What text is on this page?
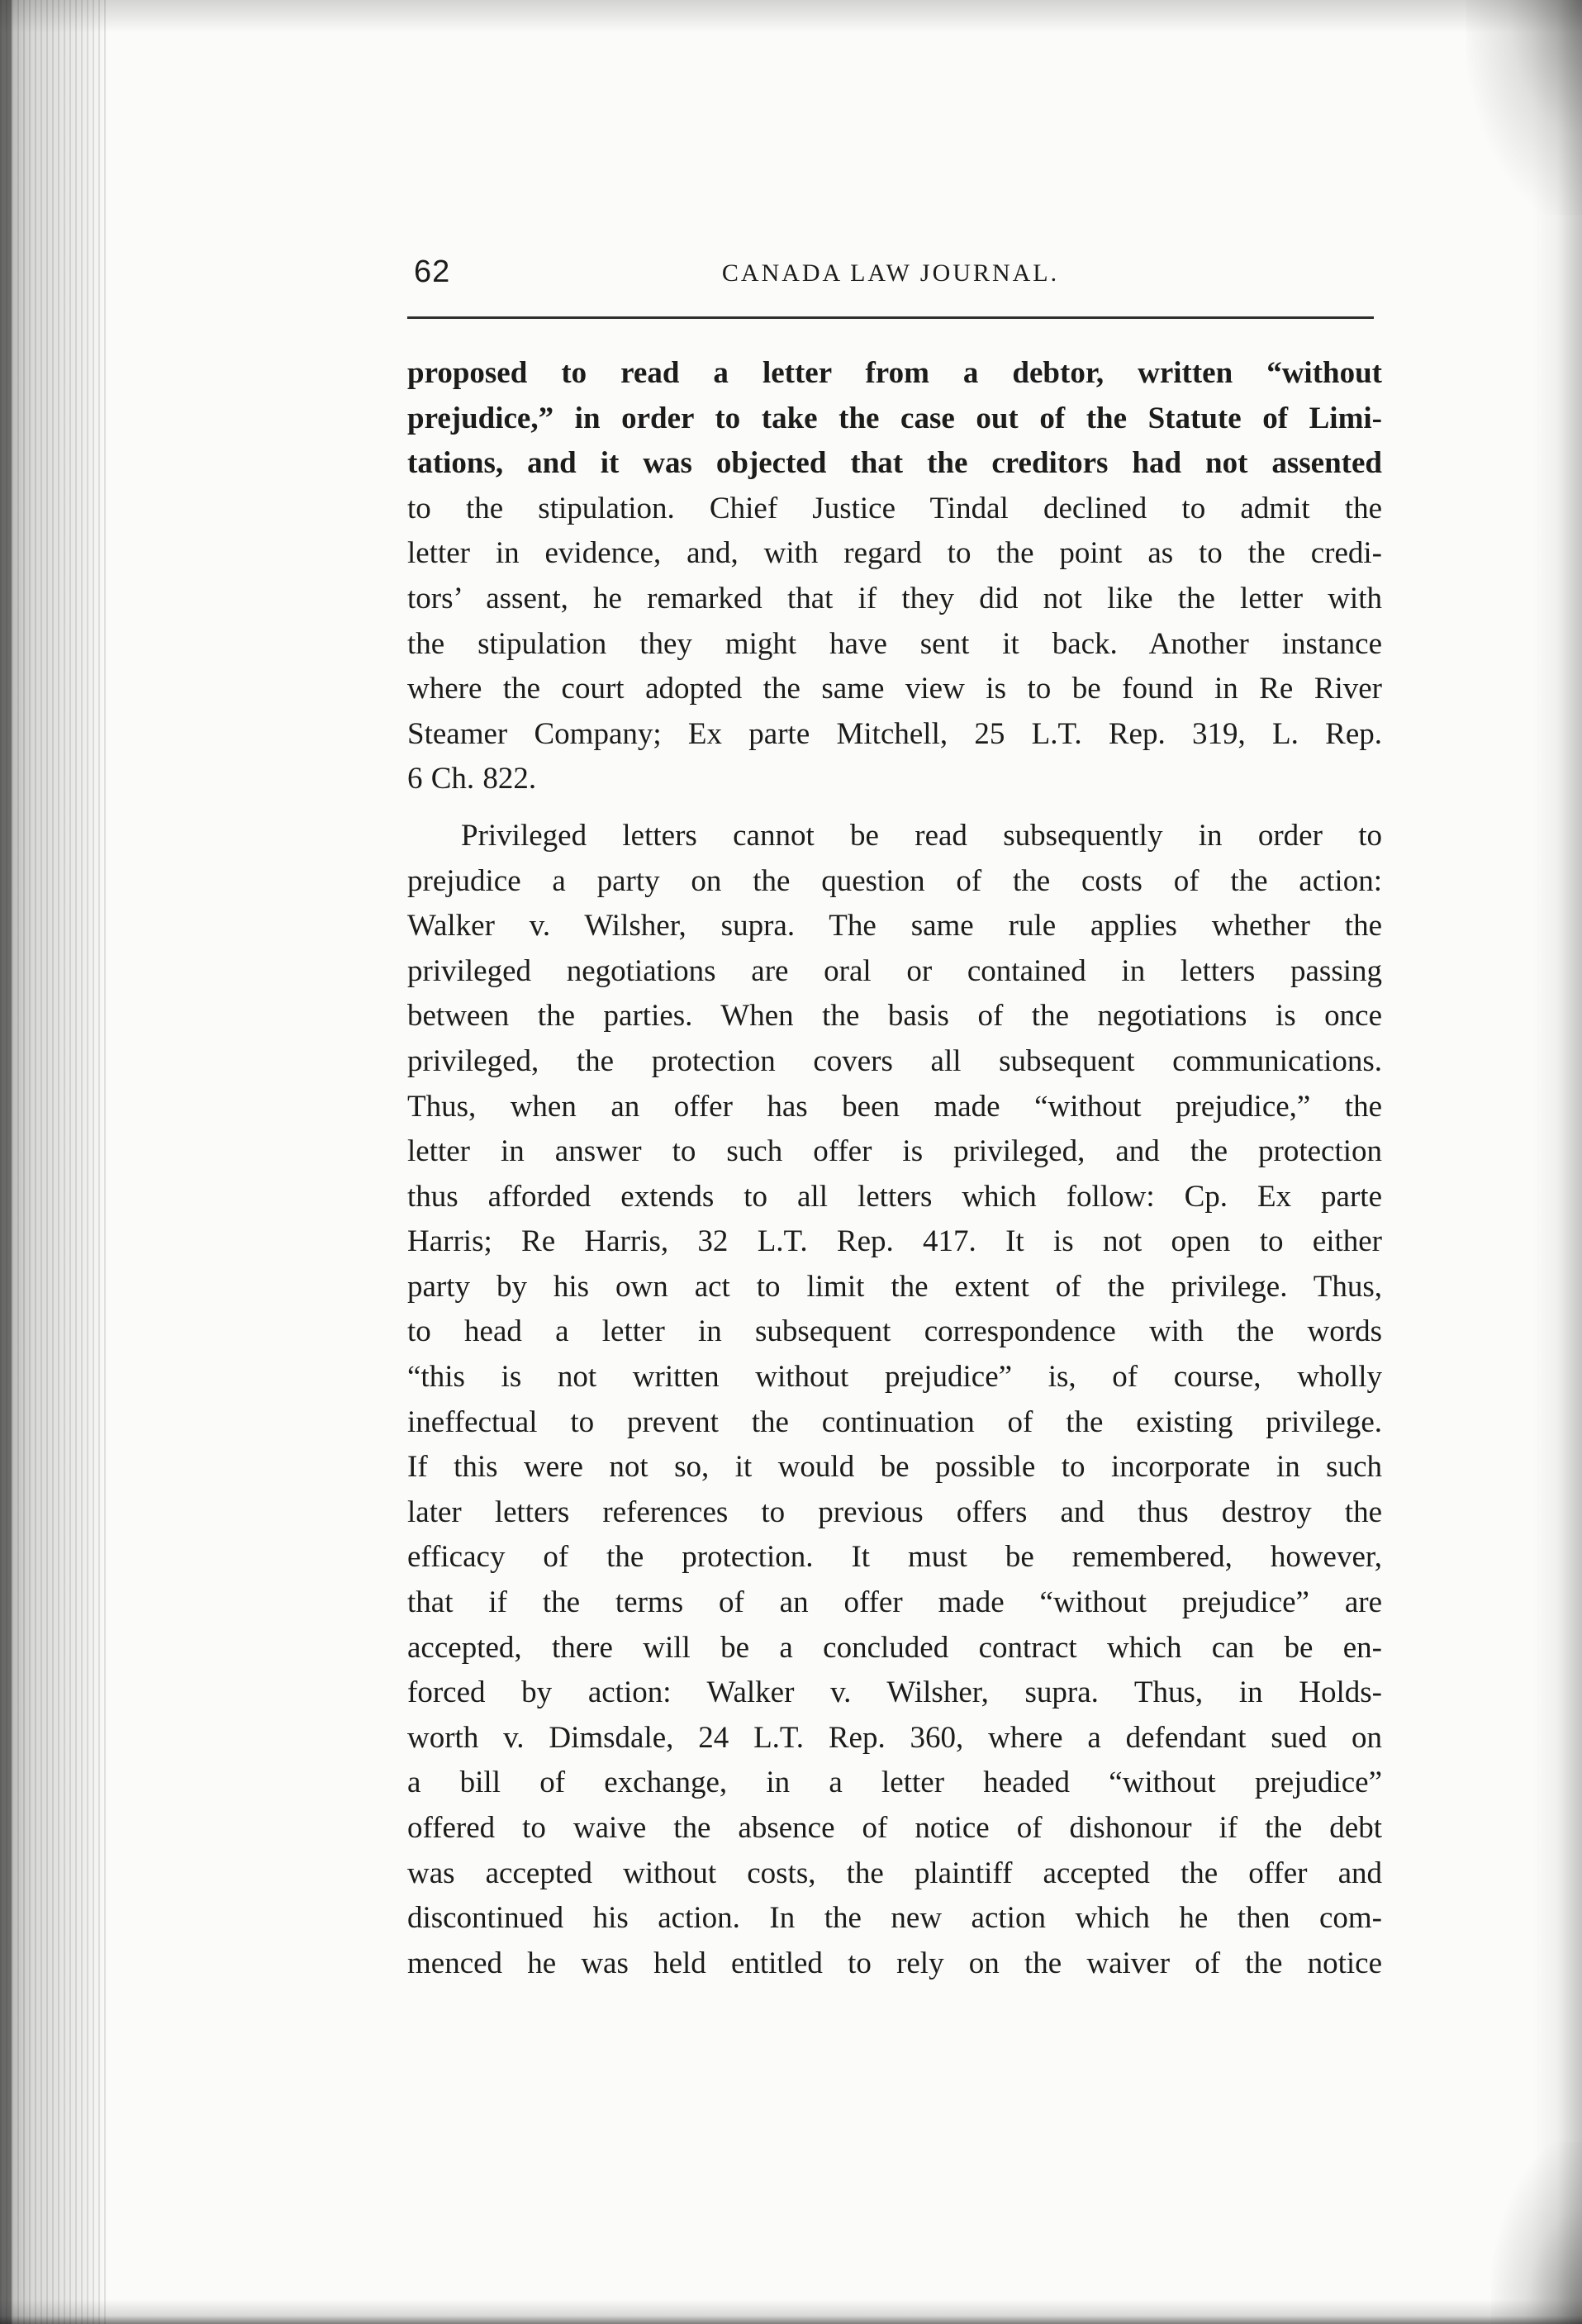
62	CANADA LAW JOURNAL.
proposed to read a letter from a debtor, written “without
prejudice,” in order to take the case out of the Statute of Limi-
tations, and it was objected that the creditors had not assented
to the stipulation. Chief Justice Tindal declined to admit the
letter in evidence, and, with regard to the point as to the credi-
tors’ assent, he remarked that if they did not like the letter with
the stipulation they might have sent it back. Another instance
where the court adopted the same view is to be found in Re River
Steamer Company; Ex parte Mitchell, 25 L.T. Rep. 319, L. Rep.
6 Ch. 822.
Privileged letters cannot be read subsequently in order to
prejudice a party on the question of the costs of the action:
Walker v. Wilsher, supra. The same rule applies whether the
privileged negotiations are oral or contained in letters passing
between the parties. When the basis of the negotiations is once
privileged, the protection covers all subsequent communications.
Thus, when an offer has been made “without prejudice,” the
letter in answer to such offer is privileged, and the protection
thus afforded extends to all letters which follow: Cp. Ex parte
Harris; Re Harris, 32 L.T. Rep. 417. It is not open to either
party by his own act to limit the extent of the privilege. Thus,
to head a letter in subsequent correspondence with the words
“this is not written without prejudice” is, of course, wholly
ineffectual to prevent the continuation of the existing privilege.
If this were not so, it would be possible to incorporate in such
later letters references to previous offers and thus destroy the
efficacy of the protection. It must be remembered, however,
that if the terms of an offer made “without prejudice” are
accepted, there will be a concluded contract which can be en-
forced by action: Walker v. Wilsher, supra. Thus, in Holds-
worth v. Dimsdale, 24 L.T. Rep. 360, where a defendant sued on
a bill of exchange, in a letter headed “without prejudice”
offered to waive the absence of notice of dishonour if the debt
was accepted without costs, the plaintiff accepted the offer and
discontinued his action. In the new action which he then com-
menced he was held entitled to rely on the waiver of the notice
